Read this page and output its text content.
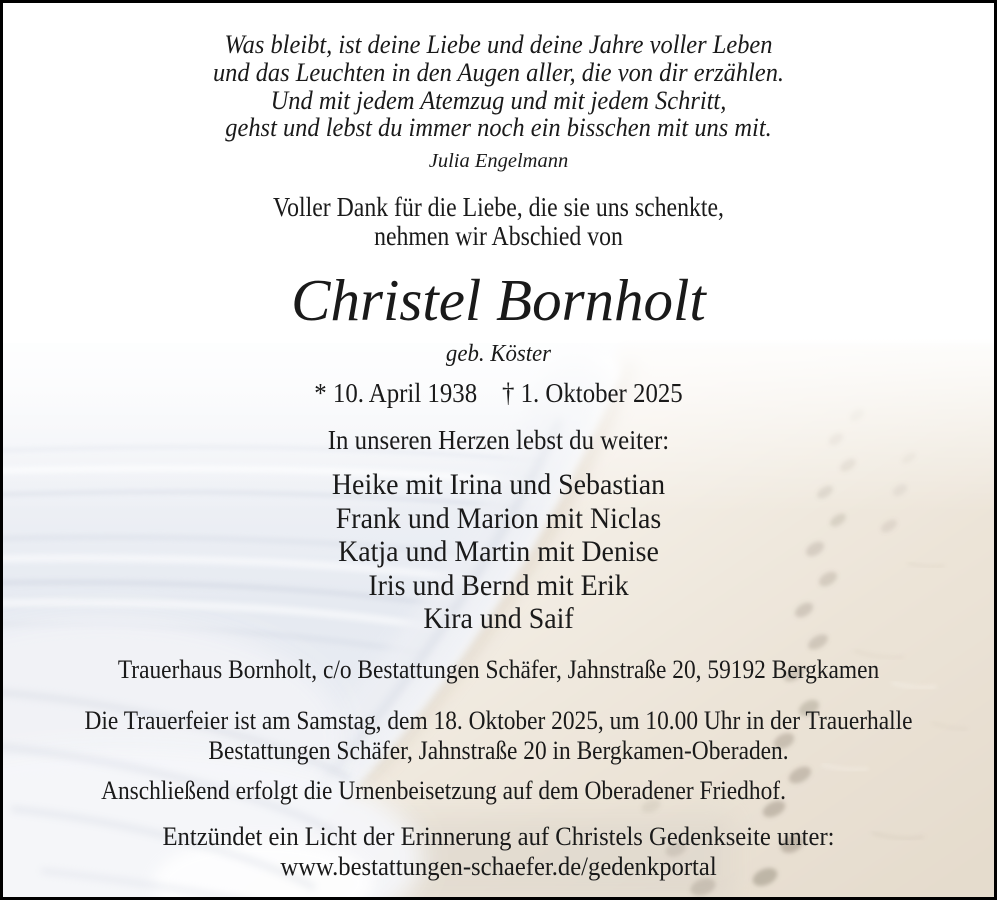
Was bleibt, ist deine Liebe und deine Jahre voller Leben
und das Leuchten in den Augen aller, die von dir erzählen.
Und mit jedem Atemzug und mit jedem Schritt,
gehst und lebst du immer noch ein bisschen mit uns mit.
Julia Engelmann
Voller Dank für die Liebe, die sie uns schenkte,
nehmen wir Abschied von
Christel Bornholt
geb. Köster
* 10. April 1938 † 1. Oktober 2025
In unseren Herzen lebst du weiter:
Heike mit Irina und Sebastian
Frank und Marion mit Niclas
Katja und Martin mit Denise
Iris und Bernd mit Erik
Kira und Saif
Trauerhaus Bornholt, c/o Bestattungen Schäfer, Jahnstraße 20, 59192 Bergkamen
Die Trauerfeier ist am Samstag, dem 18. Oktober 2025, um 10.00 Uhr in der Trauerhalle
Bestattungen Schäfer, Jahnstraße 20 in Bergkamen-Oberaden.
Anschließend erfolgt die Urnenbeisetzung auf dem Oberadener Friedhof.
Entzündet ein Licht der Erinnerung auf Christels Gedenkseite unter:
www.bestattungen-schaefer.de/gedenkportal
